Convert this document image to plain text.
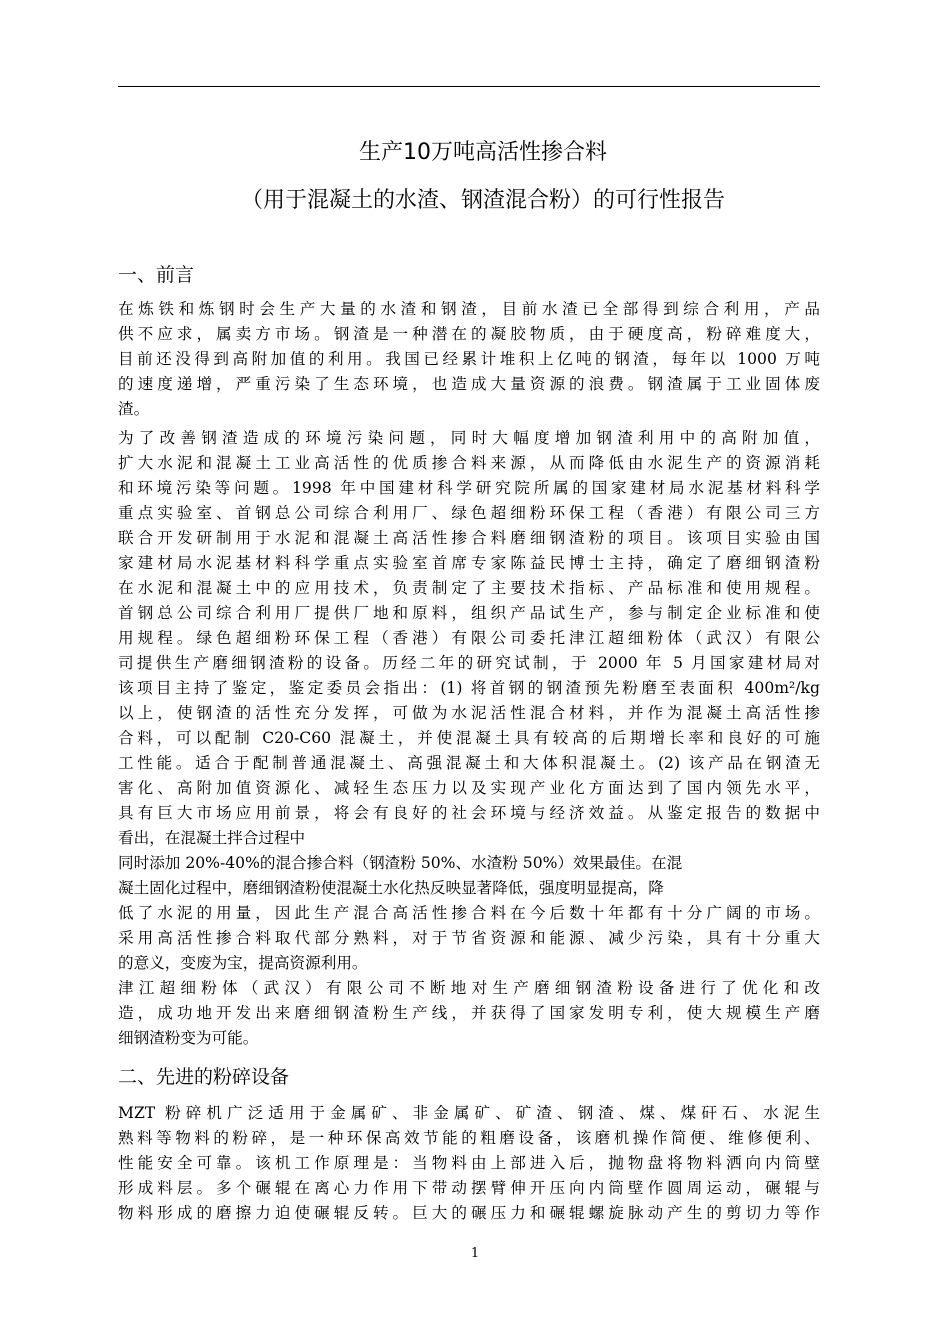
生产10万吨高活性掺合料
（用于混凝土的水渣、钢渣混合粉）的可行性报告
一、前言
在炼铁和炼钢时会生产大量的水渣和钢渣，目前水渣已全部得到综合利用，产品
供不应求，属卖方市场。钢渣是一种潜在的凝胶物质，由于硬度高，粉碎难度大，
目前还没得到高附加值的利用。我国已经累计堆积上亿吨的钢渣，每年以 1000 万吨
的速度递增，严重污染了生态环境，也造成大量资源的浪费。钢渣属于工业固体废
渣。
为了改善钢渣造成的环境污染问题，同时大幅度增加钢渣利用中的高附加值，
扩大水泥和混凝土工业高活性的优质掺合料来源，从而降低由水泥生产的资源消耗
和环境污染等问题。1998 年中国建材科学研究院所属的国家建材局水泥基材料科学
重点实验室、首钢总公司综合利用厂、绿色超细粉环保工程（香港）有限公司三方
联合开发研制用于水泥和混凝土高活性掺合料磨细钢渣粉的项目。该项目实验由国
家建材局水泥基材料科学重点实验室首席专家陈益民博士主持，确定了磨细钢渣粉
在水泥和混凝土中的应用技术，负责制定了主要技术指标、产品标准和使用规程。
首钢总公司综合利用厂提供厂地和原料，组织产品试生产，参与制定企业标准和使
用规程。绿色超细粉环保工程（香港）有限公司委托津江超细粉体（武汉）有限公
司提供生产磨细钢渣粉的设备。历经二年的研究试制，于 2000 年 5 月国家建材局对
该项目主持了鉴定，鉴定委员会指出：(1) 将首钢的钢渣预先粉磨至表面积 400m²/kg
以上，使钢渣的活性充分发挥，可做为水泥活性混合材料，并作为混凝土高活性掺
合料，可以配制 C20-C60 混凝土，并使混凝土具有较高的后期增长率和良好的可施
工性能。适合于配制普通混凝土、高强混凝土和大体积混凝土。(2) 该产品在钢渣无
害化、高附加值资源化、减轻生态压力以及实现产业化方面达到了国内领先水平，
具有巨大市场应用前景，将会有良好的社会环境与经济效益。从鉴定报告的数据中
看出，在混凝土拌合过程中
同时添加 20%-40%的混合掺合料（钢渣粉 50%、水渣粉 50%）效果最佳。在混
凝土固化过程中，磨细钢渣粉使混凝土水化热反映显著降低，强度明显提高，降
低了水泥的用量，因此生产混合高活性掺合料在今后数十年都有十分广阔的市场。
采用高活性掺合料取代部分熟料，对于节省资源和能源、减少污染，具有十分重大
的意义，变废为宝，提高资源利用。
津江超细粉体（武汉）有限公司不断地对生产磨细钢渣粉设备进行了优化和改
造，成功地开发出来磨细钢渣粉生产线，并获得了国家发明专利，使大规模生产磨
细钢渣粉变为可能。
二、先进的粉碎设备
MZT 粉碎机广泛适用于金属矿、非金属矿、矿渣、钢渣、煤、煤矸石、水泥生
熟料等物料的粉碎，是一种环保高效节能的粗磨设备，该磨机操作简便、维修便利、
性能安全可靠。该机工作原理是：当物料由上部进入后，抛物盘将物料洒向内筒壁
形成料层。多个碾辊在离心力作用下带动摆臂伸开压向内筒壁作圆周运动，碾辊与
物料形成的磨擦力迫使碾辊反转。巨大的碾压力和碾辊螺旋脉动产生的剪切力等作
1
